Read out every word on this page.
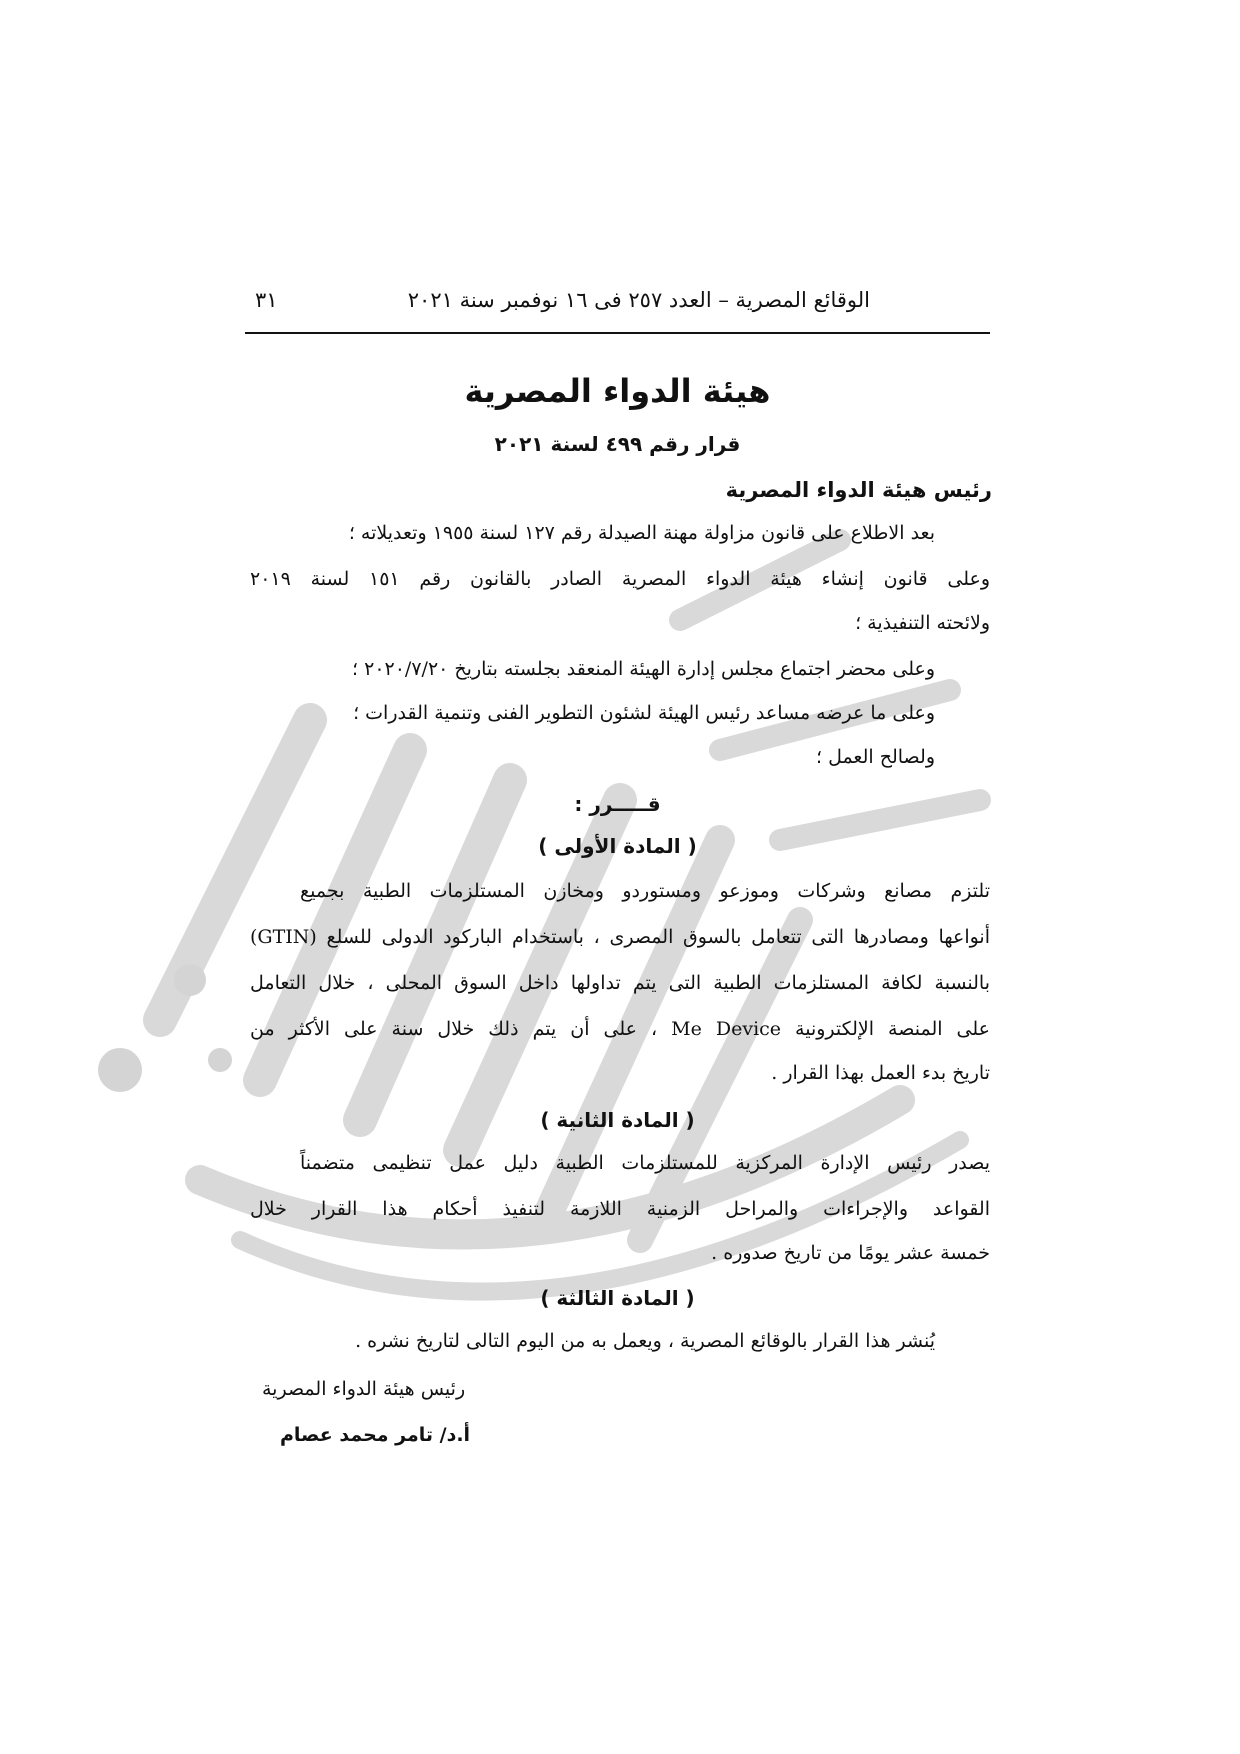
الوقائع المصرية – العدد ٢٥٧ فى ١٦ نوفمبر سنة ٢٠٢١
٣١
هيئة الدواء المصرية
قرار رقم ٤٩٩ لسنة ٢٠٢١
رئيس هيئة الدواء المصرية
بعد الاطلاع على قانون مزاولة مهنة الصيدلة رقم ١٢٧ لسنة ١٩٥٥ وتعديلاته ؛
وعلى قانون إنشاء هيئة الدواء المصرية الصادر بالقانون رقم ١٥١ لسنة ٢٠١٩
ولائحته التنفيذية ؛
وعلى محضر اجتماع مجلس إدارة الهيئة المنعقد بجلسته بتاريخ ٢٠٢٠/٧/٢٠ ؛
وعلى ما عرضه مساعد رئيس الهيئة لشئون التطوير الفنى وتنمية القدرات ؛
ولصالح العمل ؛
قـــــرر :
( المادة الأولى )
تلتزم مصانع وشركات وموزعو ومستوردو ومخازن المستلزمات الطبية بجميع
أنواعها ومصادرها التى تتعامل بالسوق المصرى ، باستخدام الباركود الدولى للسلع (GTIN)
بالنسبة لكافة المستلزمات الطبية التى يتم تداولها داخل السوق المحلى ، خلال التعامل
على المنصة الإلكترونية Me Device ، على أن يتم ذلك خلال سنة على الأكثر من
تاريخ بدء العمل بهذا القرار .
( المادة الثانية )
يصدر رئيس الإدارة المركزية للمستلزمات الطبية دليل عمل تنظيمى متضمناً
القواعد والإجراءات والمراحل الزمنية اللازمة لتنفيذ أحكام هذا القرار خلال
خمسة عشر يومًا من تاريخ صدوره .
( المادة الثالثة )
يُنشر هذا القرار بالوقائع المصرية ، ويعمل به من اليوم التالى لتاريخ نشره .
رئيس هيئة الدواء المصرية
أ.د/ تامر محمد عصام
